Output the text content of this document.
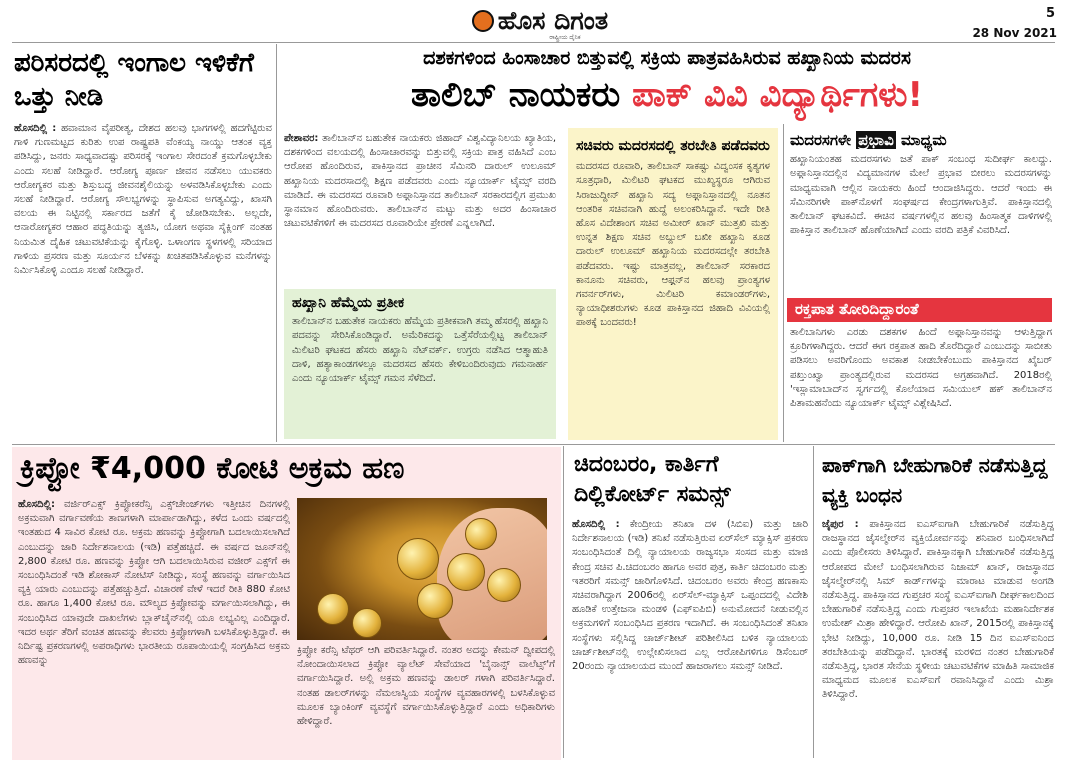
ಹೊಸ ದಿಗಂತ
ರಾಷ್ಟ್ರೀಯ ದೈನಿಕ
5
28 Nov 2021
ಪರಿಸರದಲ್ಲಿ ಇಂಗಾಲ ಇಳಿಕೆಗೆ ಒತ್ತು ನೀಡಿ
ಹೊಸದಿಲ್ಲಿ : ಹವಾಮಾನ ವೈಪರೀತ್ಯ, ದೇಶದ ಹಲವು ಭಾಗಗಳಲ್ಲಿ ಹದಗೆಟ್ಟಿರುವ ಗಾಳಿ ಗುಣಮಟ್ಟದ ಕುರಿತು ಉಪ ರಾಷ್ಟ್ರಪತಿ ವೆಂಕಯ್ಯ ನಾಯ್ಡು ಆತಂಕ ವ್ಯಕ್ತ ಪಡಿಸಿದ್ದು, ಜನರು ಸಾಧ್ಯವಾದಷ್ಟು ಪರಿಸರಕ್ಕೆ ಇಂಗಾಲ ಸೇರದಂತೆ ಕ್ರಮಗೊಳ್ಳಬೇಕು ಎಂದು ಸಲಹೆ ನೀಡಿದ್ದಾರೆ. ಆರೋಗ್ಯ ಪೂರ್ಣ ಜೀವನ ನಡೆಸಲು ಯುವಕರು ಆರೋಗ್ಯಕರ ಮತ್ತು ಶಿಸ್ತುಬದ್ಧ ಜೀವನಶೈಲಿಯನ್ನು ಅಳವಡಿಸಿಕೊಳ್ಳಬೇಕು ಎಂದು ಸಲಹೆ ನೀಡಿದ್ದಾರೆ. ಆರೋಗ್ಯ ಸೌಲಭ್ಯಗಳನ್ನು ಸ್ಥಾಪಿಸುವ ಅಗತ್ಯವಿದ್ದು, ಖಾಸಗಿ ವಲಯ ಈ ನಿಟ್ಟಿನಲ್ಲಿ ಸರ್ಕಾರದ ಜತೆಗೆ ಕೈ ಜೋಡಿಸಬೇಕು. ಅಲ್ಲದೇ, ಆನಾರೋಗ್ಯಕರ ಆಹಾರ ಪದ್ಧತಿಯನ್ನು ತ್ಯಜಿಸಿ, ಯೋಗ ಅಥವಾ ಸೈಕ್ಲಿಂಗ್ ನಂತಹ ನಿಯಮಿತ ದೈಹಿಕ ಚಟುವಟಿಕೆಯನ್ನು ಕೈಗೊಳ್ಳಿ. ಒಳಾಂಗಣ ಸ್ಥಳಗಳಲ್ಲಿ ಸರಿಯಾದ ಗಾಳಿಯ ಪ್ರಸರಣ ಮತ್ತು ಸೂರ್ಯನ ಬೆಳಕನ್ನು ಖಚಿತಪಡಿಸಿಕೊಳ್ಳುವ ಮನೆಗಳನ್ನು ನಿರ್ಮಿಸಿಕೊಳ್ಳಿ ಎಂದೂ ಸಲಹೆ ನೀಡಿದ್ದಾರೆ.
ದಶಕಗಳಿಂದ ಹಿಂಸಾಚಾರ ಬಿತ್ತುವಲ್ಲಿ ಸಕ್ರಿಯ ಪಾತ್ರವಹಿಸಿರುವ ಹಖ್ಖಾನಿಯ ಮದರಸ
ತಾಲಿಬ್ ನಾಯಕರು ಪಾಕ್ ವಿವಿ ವಿದ್ಯಾರ್ಥಿಗಳು!
ಪೇಶಾವರ: ತಾಲಿಬಾನ್‌ನ ಬಹುತೇಕ ನಾಯಕರು ಜಿಹಾದ್ ವಿಶ್ವವಿದ್ಯಾನಿಲಯ ಖ್ಯಾತಿಯ, ದಶಕಗಳಿಂದ ವಲಯದಲ್ಲಿ ಹಿಂಸಾಚಾರವನ್ನು ಬಿತ್ತುವಲ್ಲಿ ಸಕ್ರಿಯ ಪಾತ್ರ ವಹಿಸಿದೆ ಎಂಬ ಆರೋಪ ಹೊಂದಿರುವ, ಪಾಕಿಸ್ತಾನದ ಪ್ರಾಚೀನ ಸೆಮಿನರಿ ದಾರುಲ್ ಉಲೂಮ್ ಹಖ್ಖಾನಿಯ ಮದರಸಾದಲ್ಲಿ ಶಿಕ್ಷಣ ಪಡೆದವರು ಎಂದು ನ್ಯೂಯಾರ್ಕ್ ಟೈಮ್ಸ್ ವರದಿ ಮಾಡಿದೆ. ಈ ಮದರಸದ ರೂವಾರಿ ಅಫ್ಗಾನಿಸ್ತಾನದ ತಾಲಿಬಾನ್ ಸರಕಾರದಲ್ಲಿಗ ಪ್ರಮುಖ ಸ್ಥಾನಮಾನ ಹೊಂದಿರುವರು. ತಾಲಿಬಾನ್‌ನ ಮಟ್ಟು ಮತ್ತು ಅದರ ಹಿಂಸಾಚಾರ ಚಟುವಟಿಕೆಗಳಿಗೆ ಈ ಮದರಸದ ರೂವಾರಿಯೇ ಪ್ರೇರಣೆ ಎನ್ನಲಾಗಿದೆ.
ಹಖ್ಖಾನಿ ಹೆಮ್ಮೆಯ ಪ್ರತೀಕ
ತಾಲಿಬಾನ್‌ನ ಬಹುತೇಕ ನಾಯಕರು ಹೆಮ್ಮೆಯ ಪ್ರತೀಕವಾಗಿ ತಮ್ಮ ಹೆಸರಲ್ಲಿ ಹಖ್ಖಾನಿ ಪದವನ್ನು ಸೇರಿಸಿಕೊಂಡಿದ್ದಾರೆ. ಅಮೆರಿಕದನ್ನು ಒತ್ತೆಸೆರೆಯಲ್ಲಿಟ್ಟ ತಾಲಿಬಾನ್ ಮಿಲಿಟರಿ ಘಟಕದ ಹೆಸರು ಹಖ್ಖಾನಿ ನೆಟ್‌ವರ್ಕ್. ಉಗ್ರರು ನಡೆಸಿದ ಆತ್ಮಾಹುತಿ ದಾಳಿ, ಹತ್ಯಾಕಾಂಡಗಳಲ್ಲೂ ಮದರಸದ ಹೆಸರು ಕೇಳಿಬಂದಿರುವುದು ಗಮನಾರ್ಹ ಎಂದು ನ್ಯೂಯಾರ್ಕ್ ಟೈಮ್ಸ್ ಗಮನ ಸೆಳೆದಿದೆ.
ಸಚಿವರು ಮದರಸದಲ್ಲಿ ತರಬೇತಿ ಪಡೆದವರು
ಮದರಸದ ರೂವಾರಿ, ತಾಲಿಬಾನ್ ಸಾಕಷ್ಟು ವಿದ್ವಂಸಕ ಕೃತ್ಯಗಳ ಸೂತ್ರಧಾರಿ, ಮಿಲಿಟರಿ ಘಟಕದ ಮುಖ್ಯಸ್ಥರೂ ಆಗಿರುವ ಸಿರಾಜುದ್ದೀನ್ ಹಖ್ಖಾನಿ ಸದ್ಯ ಅಫ್ಗಾನಿಸ್ತಾನದಲ್ಲಿ ನೂತನ ಆಂತರಿಕ ಸಚಿವನಾಗಿ ಹುದ್ದೆ ಅಲಂಕರಿಸಿದ್ದಾನೆ. ಇದೇ ರೀತಿ ಹೊಸ ವಿದೇಶಾಂಗ ಸಚಿವ ಅಮೀರ್ ಖಾನ್ ಮುತ್ತಖಿ ಮತ್ತು ಉನ್ನತ ಶಿಕ್ಷಣ ಸಚಿವ ಅಬ್ದುಲ್ ಬಖೀ ಹಖ್ಖಾನಿ ಕೂಡ ದಾರುಲ್ ಉಲೂಮ್ ಹಖ್ಖಾನಿಯ ಮದರಸದಲ್ಲೇ ತರಬೇತಿ ಪಡೆದವರು. ಇಷ್ಟು ಮಾತ್ರವಲ್ಲ, ತಾಲಿಬಾನ್ ಸರಕಾರದ ಕಾನೂನು ಸಚಿವರು, ಆಫ್ಗನ್‌ನ ಹಲವು ಪ್ರಾಂತ್ಯಗಳ ಗವರ್ನರ್‌ಗಳು, ಮಿಲಿಟರಿ ಕಮಾಂಡರ್‌ಗಳು, ನ್ಯಾಯಾಧೀಶರುಗಳು ಕೂಡ ಪಾಕಿಸ್ತಾನದ ಜಿಹಾದಿ ವಿವಿಯಲ್ಲಿ ಪಾಠಕ್ಕೆ ಬಂದವರು!
ಮದರಸಗಳೇ ಪ್ರಭಾವಿ ಮಾಧ್ಯಮ
ಹಖ್ಖಾನಿಯಂತಹ ಮದರಸಗಳು ಜತೆ ಪಾಕ್ ಸಂಬಂಧ ಸುದೀರ್ಘ ಕಾಲದ್ದು. ಅಫ್ಗಾನಿಸ್ತಾನದಲ್ಲಿನ ವಿದ್ಯಮಾನಗಳ ಮೇಲೆ ಪ್ರಭಾವ ಬೀರಲು ಮದರಸಗಳನ್ನು ಮಾಧ್ಯಮವಾಗಿ ಆಲ್ಲಿನ ನಾಯಕರು ಹಿಂದೆ ಆಂದಾಜಿಸಿದ್ದರು. ಆದರೆ ಇಂದು ಈ ಸೆಮಿನರಿಗಳೇ ಪಾಕ್‌ನೊಳಗೆ ಸಂಘರ್ಷದ ಕೇಂದ್ರಗಳಾಗುತ್ತಿವೆ. ಪಾಕಿಸ್ತಾನದಲ್ಲಿ ತಾಲಿಬಾನ್ ಘಟಕವಿದೆ. ಈಚಿನ ವರ್ಷಗಳಲ್ಲಿನ ಹಲವು ಹಿಂಸಾತ್ಮಕ ದಾಳಿಗಳಲ್ಲಿ ಪಾಕಿಸ್ತಾನ ತಾಲಿಬಾನ್ ಹೊಣೆಯಾಗಿದೆ ಎಂದು ವರದಿ ಪತ್ರಿಕೆ ವಿವರಿಸಿದೆ.
ರಕ್ತಪಾತ ತೋರಿದಿದ್ದಾರಂತೆ
ತಾಲಿಬಾನಿಗಳು ಎರಡು ದಶಕಗಳ ಹಿಂದೆ ಅಫ್ಗಾನಿಸ್ತಾನವನ್ನು ಆಳುತ್ತಿದ್ದಾಗ ಕ್ರೂರಿಗಳಾಗಿದ್ದರು. ಆದರೆ ಈಗ ರಕ್ತಪಾತ ಹಾದಿ ತೊರೆದಿದ್ದಾರೆ ಎಂಬುದನ್ನು ಸಾಬೀತು ಪಡಿಸಲು ಅವರಿಗೊಂದು ಅವಕಾಶ ನೀಡಬೇಕೆಂಬುದು ಪಾಕಿಸ್ತಾನದ ಖೈಬರ್ ಪಖ್ತುಂಖ್ವಾ ಪ್ರಾಂತ್ಯದಲ್ಲಿರುವ ಮದರಸದ ಅಗ್ರಹವಾಗಿದೆ. 2018ರಲ್ಲಿ 'ಇಸ್ಲಾಮಾಬಾದ್‌ನ ಸ್ವರ್ಗದಲ್ಲಿ ಕೊಲೆಯಾದ ಸಮಿಯುಲ್ ಹಕ್ ತಾಲಿಬಾನ್‌ನ ಪಿತಾಮಹನೆಂದು ನ್ಯೂಯಾರ್ಕ್ ಟೈಮ್ಸ್ ವಿಶ್ಲೇಷಿಸಿದೆ.
ಕ್ರಿಪ್ಟೋ ₹4,000 ಕೋಟಿ ಅಕ್ರಮ ಹಣ
ಹೊಸದಿಲ್ಲಿ: ವರ್ಜಿರ್‌ಎಕ್ಸ್ ಕ್ರಿಪ್ಟೋಕರೆನ್ಸಿ ಎಕ್ಸ್‌ಚೇಂಜ್‌ಗಳು ಇತ್ತೀಚಿನ ದಿನಗಳಲ್ಲಿ ಅಕ್ರಮವಾಗಿ ವರ್ಗಾವಣೆಯ ತಾಣಗಳಾಗಿ ಮಾರ್ಪಾಡಾಗಿದ್ದು, ಕಳೆದ ಒಂದು ವರ್ಷದಲ್ಲಿ ಇಂತಹುದ 4 ಸಾವಿರ ಕೋಟಿ ರೂ. ಅಕ್ರಮ ಹಣವನ್ನು ಕ್ರಿಪ್ಟೋಗಾಗಿ ಬದಲಾಯಿಸಲಾಗಿದೆ ಎಂಬುದನ್ನು ಜಾರಿ ನಿರ್ದೇಶನಾಲಯ (ಇಡಿ) ಪತ್ತೆಹಚ್ಚಿದೆ. ಈ ವರ್ಷದ ಜೂನ್‌ನಲ್ಲಿ 2,800 ಕೋಟಿ ರೂ. ಹಣವನ್ನು ಕ್ರಿಪ್ಟೋ ಆಗಿ ಬದಲಾಯಿಸಿರುವ ವಜೀರ್ ಎಕ್ಸ್‌ಗೆ ಈ ಸಂಬಂಧಿಸಿದಂತೆ ಇಡಿ ಶೋಕಾಸ್ ನೋಟಿಸ್ ನೀಡಿದ್ದು, ಸಂಸ್ಥೆ ಹಣವನ್ನು ವರ್ಗಾಯಿಸಿದ ವ್ಯಕ್ತಿ ಯಾರು ಎಂಬುದನ್ನು ಪತ್ತೆಹಚ್ಚುತ್ತಿದೆ. ವಿಚಾರಣೆ ವೇಳೆ ಇದರೆ ರೀತಿ 880 ಕೋಟಿ ರೂ. ಹಾಗೂ 1,400 ಕೋಟಿ ರೂ. ಮೌಲ್ಯದ ಕ್ರಿಪ್ಟೋವನ್ನು ವರ್ಗಾಯಿಸಲಾಗಿದ್ದು, ಈ ಸಂಬಂಧಿಸಿದ ಯಾವುದೇ ದಾಖಲೆಗಳು ಬ್ಲಾಕ್‌ಚೈನ್‌ನಲ್ಲಿ ಯೂ ಲಭ್ಯವಿಲ್ಲ ಎಂದಿದ್ದಾರೆ. ಇದರ ಅರ್ಥ ತೆರಿಗೆ ವಂಚಿತ ಹಣವನ್ನು ಕೆಲವರು ಕ್ರಿಪ್ಟೋಗಳಾಗಿ ಬಳಸಿಕೊಳ್ಳುತ್ತಿದ್ದಾರೆ. ಈ ನಿರ್ದಿಷ್ಟ ಪ್ರಕರಣಗಳಲ್ಲಿ ಅಪರಾಧಿಗಳು ಭಾರತೀಯ ರೂಪಾಯಿಯಲ್ಲಿ ಸಂಗ್ರಹಿಸಿದ ಅಕ್ರಮ ಹಣವನ್ನು
ಕ್ರಿಪ್ಟೋ ಕರೆನ್ಸಿ ಟೆಥರ್ ಆಗಿ ಪರಿವರ್ತಿಸಿದ್ದಾರೆ. ನಂತರ ಅದನ್ನು ಕೇಮನ್ ದ್ವೀಪದಲ್ಲಿ ನೋಂದಾಯಿಸಲಾದ ಕ್ರಿಪ್ಟೋ ವ್ಯಾಲೆಟ್ ಸೇವೆಯಾದ 'ಬೈನಾನ್ಸ್ ವಾಲೆಟ್ಸ್'ಗೆ ವರ್ಗಾಯಿಸಿದ್ದಾರೆ. ಅಲ್ಲಿ ಅಕ್ರಮ ಹಣವನ್ನು ಡಾಲರ್ ಗಳಾಗಿ ಪರಿವರ್ತಿಸಿದ್ದಾರೆ. ನಂತಹ ಡಾಲರ್‌ಗಳನ್ನು ನೆಮಲಾಸ್ವಿಯ ಸಂಸ್ಥೆಗಳ ವ್ಯವಹಾರಗಳಲ್ಲಿ ಬಳಸಿಕೊಳ್ಳುವ ಮೂಲಕ ಬ್ಯಾಂಕಿಂಗ್ ವ್ಯವಸ್ಥೆಗೆ ವರ್ಗಾಯಿಸಿಕೊಳ್ಳುತ್ತಿದ್ದಾರೆ ಎಂದು ಅಧಿಕಾರಿಗಳು ಹೇಳಿದ್ದಾರೆ.
ಚಿದಂಬರಂ, ಕಾರ್ತಿಗೆ ದಿಲ್ಲಿಕೋರ್ಟ್ ಸಮನ್ಸ್
ಹೊಸದಿಲ್ಲಿ : ಕೇಂದ್ರೀಯ ತನಿಖಾ ದಳ (ಸಿಬಿಐ) ಮತ್ತು ಜಾರಿ ನಿರ್ದೇಶನಾಲಯ (ಇಡಿ) ತನಿಖೆ ನಡೆಸುತ್ತಿರುವ ಏರ್‌ಸೆಲ್ ಮ್ಯಾಕ್ಸಿಸ್ ಪ್ರಕರಣ ಸಂಬಂಧಿಸಿದಂತೆ ದಿಲ್ಲಿ ನ್ಯಾಯಾಲಯ ರಾಜ್ಯಸಭಾ ಸಂಸದ ಮತ್ತು ಮಾಜಿ ಕೇಂದ್ರ ಸಚಿವ ಪಿ.ಚಿದಂಬರಂ ಹಾಗೂ ಅವರ ಪುತ್ರ, ಕಾರ್ತಿ ಚಿದಂಬರಂ ಮತ್ತು ಇತರರಿಗೆ ಸಮನ್ಸ್ ಜಾರಿಗೊಳಿಸಿದೆ. ಚಿದಂಬರಂ ಅವರು ಕೇಂದ್ರ ಹಣಕಾಸು ಸಚಿವರಾಗಿದ್ದಾಗ 2006ರಲ್ಲಿ ಏರ್‌ಸೆಲ್-ಮ್ಯಾಕ್ಸಿಸ್ ಒಪ್ಪಂದದಲ್ಲಿ ವಿದೇಶಿ ಹೂಡಿಕೆ ಉತ್ತೇಜನಾ ಮಂಡಳಿ (ಎಫ್‌ಐಪಿಬಿ) ಅನುಮೋದನೆ ನೀಡುವಲ್ಲಿನ ಅಕ್ರಮಗಳಿಗೆ ಸಂಬಂಧಿಸಿದ ಪ್ರಕರಣ ಇದಾಗಿದೆ. ಈ ಸಂಬಂಧಿಸಿದಂತೆ ತನಿಖಾ ಸಂಸ್ಥೆಗಳು ಸಲ್ಲಿಸಿದ್ದ ಚಾರ್ಜ್‌ಶೀಟ್ ಪರಿಶೀಲಿಸಿದ ಬಳಿಕ ನ್ಯಾಯಾಲಯ ಚಾರ್ಜ್‌ಶೀಟ್‌ನಲ್ಲಿ ಉಲ್ಲೇಖಿಸಲಾದ ಎಲ್ಲ ಆರೋಪಿಗಳಿಗೂ ಡಿಸೆಂಬರ್ 20ರಂದು ನ್ಯಾಯಾಲಯದ ಮುಂದೆ ಹಾಜರಾಗಲು ಸಮನ್ಸ್ ನೀಡಿದೆ.
ಪಾಕ್‌ಗಾಗಿ ಬೇಹುಗಾರಿಕೆ ನಡೆಸುತ್ತಿದ್ದ ವ್ಯಕ್ತಿ ಬಂಧನ
ಜೈಪುರ : ಪಾಕಿಸ್ತಾನದ ಐಎಸ್‌ಐಗಾಗಿ ಬೇಹುಗಾರಿಕೆ ನಡೆಸುತ್ತಿದ್ದ ರಾಜಸ್ಥಾನದ ಜೈಸಲ್ಮೇರ್‌ನ ವ್ಯಕ್ತಿಯೋರ್ವನನ್ನು ಶನಿವಾರ ಬಂಧಿಸಲಾಗಿದೆ ಎಂದು ಪೊಲೀಸರು ತಿಳಿಸಿದ್ದಾರೆ. ಪಾಕಿಸ್ತಾನಕ್ಕಾಗಿ ಬೇಹುಗಾರಿಕೆ ನಡೆಸುತ್ತಿದ್ದ ಆರೋಪದ ಮೇಲೆ ಬಂಧಿಸಲಾಗಿರುವ ನಿಜಾಮ್ ಖಾನ್, ರಾಜಸ್ಥಾನದ ಜೈಸಲ್ಮೇರ್‌ನಲ್ಲಿ ಸಿಮ್ ಕಾರ್ಡ್‌ಗಳನ್ನು ಮಾರಾಟ ಮಾಡುವ ಅಂಗಡಿ ನಡೆಸುತ್ತಿದ್ದ. ಪಾಕಿಸ್ತಾನದ ಗುಪ್ತಚರ ಸಂಸ್ಥೆ ಐಎಸ್‌ಐಗಾಗಿ ದೀರ್ಘಕಾಲದಿಂದ ಬೇಹುಗಾರಿಕೆ ನಡೆಸುತ್ತಿದ್ದ ಎಂದು ಗುಪ್ತಚರ ಇಲಾಖೆಯ ಮಹಾನಿರ್ದೇಶಕ ಉಮೇಶ್ ಮಿಶ್ರಾ ಹೇಳಿದ್ದಾರೆ. ಆರೋಪಿ ಖಾನ್, 2015ರಲ್ಲಿ ಪಾಕಿಸ್ತಾನಕ್ಕೆ ಭೇಟಿ ನೀಡಿದ್ದು, 10,000 ರೂ. ನೀಡಿ 15 ದಿನ ಐಎಸ್‌ಐನಿಂದ ತರಬೇತಿಯನ್ನು ಪಡೆದಿದ್ದಾನೆ. ಭಾರತಕ್ಕೆ ಮರಳಿದ ನಂತರ ಬೇಹುಗಾರಿಕೆ ನಡೆಸುತ್ತಿದ್ದ, ಭಾರತ ಸೇನೆಯ ಸ್ಥಳೀಯ ಚಟುವಟಿಕೆಗಳ ಮಾಹಿತಿ ಸಾಮಾಜಿಕ ಮಾಧ್ಯಮದ ಮೂಲಕ ಐಎಸ್‌ಐಗೆ ರವಾನಿಸಿದ್ದಾನೆ ಎಂದು ಮಿಶ್ರಾ ತಿಳಿಸಿದ್ದಾರೆ.
